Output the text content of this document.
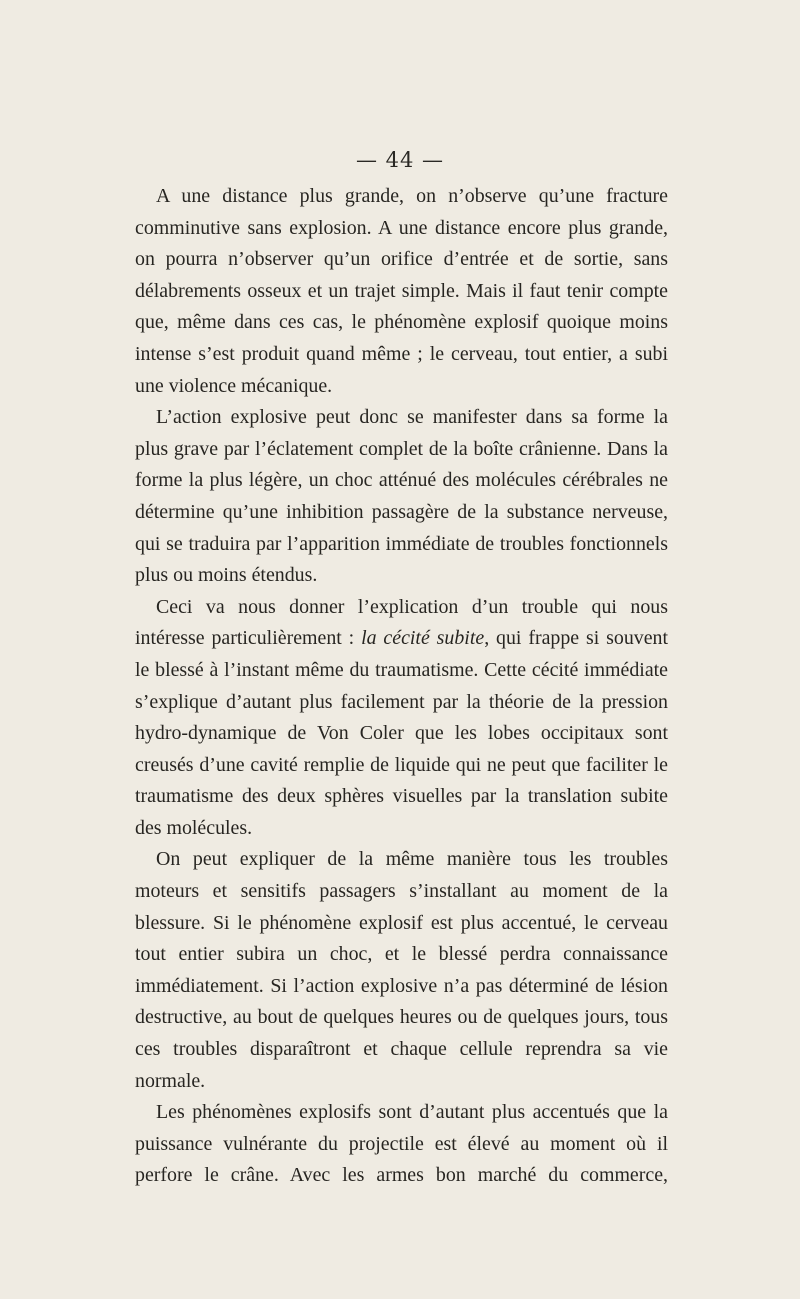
— 44 —

A une distance plus grande, on n’observe qu’une fracture comminutive sans explosion. A une distance encore plus grande, on pourra n’observer qu’un orifice d’entrée et de sortie, sans délabrements osseux et un trajet simple. Mais il faut tenir compte que, même dans ces cas, le phénomène explosif quoique moins intense s’est produit quand même ; le cerveau, tout entier, a subi une violence mécanique.

L’action explosive peut donc se manifester dans sa forme la plus grave par l’éclatement complet de la boîte crânienne. Dans la forme la plus légère, un choc atténué des molécules cérébrales ne détermine qu’une inhibition passagère de la substance nerveuse, qui se traduira par l’apparition immédiate de troubles fonctionnels plus ou moins étendus.

Ceci va nous donner l’explication d’un trouble qui nous intéresse particulièrement : la cécité subite, qui frappe si souvent le blessé à l’instant même du traumatisme. Cette cécité immédiate s’explique d’autant plus facilement par la théorie de la pression hydro-dynamique de Von Coler que les lobes occipitaux sont creusés d’une cavité remplie de liquide qui ne peut que faciliter le traumatisme des deux sphères visuelles par la translation subite des molécules.

On peut expliquer de la même manière tous les troubles moteurs et sensitifs passagers s’installant au moment de la blessure. Si le phénomène explosif est plus accentué, le cerveau tout entier subira un choc, et le blessé perdra connaissance immédiatement. Si l’action explosive n’a pas déterminé de lésion destructive, au bout de quelques heures ou de quelques jours, tous ces troubles disparaîtront et chaque cellule reprendra sa vie normale.

Les phénomènes explosifs sont d’autant plus accentués que la puissance vulnérante du projectile est élevé au moment où il perfore le crâne. Avec les armes bon marché du commerce,
